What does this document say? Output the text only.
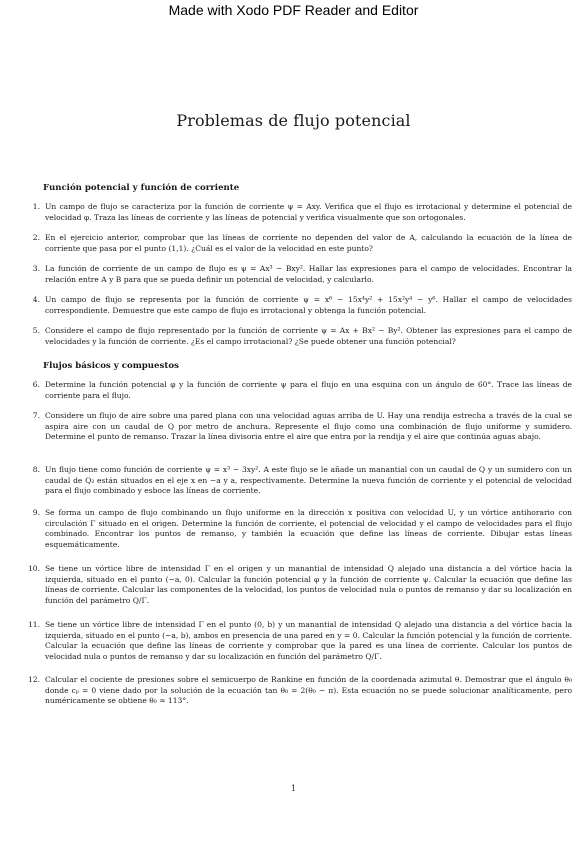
Made with Xodo PDF Reader and Editor
Problemas de flujo potencial
Función potencial y función de corriente
1. Un campo de flujo se caracteriza por la función de corriente ψ = Axy. Verifica que el flujo es irrotacional y determine el potencial de velocidad φ. Traza las líneas de corriente y las líneas de potencial y verifica visualmente que son ortogonales.
2. En el ejercicio anterior, comprobar que las líneas de corriente no dependen del valor de A, calculando la ecuación de la línea de corriente que pasa por el punto (1,1). ¿Cuál es el valor de la velocidad en este punto?
3. La función de corriente de un campo de flujo es ψ = Ax³ − Bxy². Hallar las expresiones para el campo de velocidades. Encontrar la relación entre A y B para que se pueda definir un potencial de velocidad, y calcularlo.
4. Un campo de flujo se representa por la función de corriente ψ = x⁶ − 15x⁴y² + 15x²y⁴ − y⁶. Hallar el campo de velocidades correspondiente. Demuestre que este campo de flujo es irrotacional y obtenga la función potencial.
5. Considere el campo de flujo representado por la función de corriente ψ = Ax + Bx² − By². Obtener las expresiones para el campo de velocidades y la función de corriente. ¿Es el campo irrotacional? ¿Se puede obtener una función potencial?
Flujos básicos y compuestos
6. Determine la función potencial φ y la función de corriente ψ para el flujo en una esquina con un ángulo de 60°. Trace las líneas de corriente para el flujo.
7. Considere un flujo de aire sobre una pared plana con una velocidad aguas arriba de U. Hay una rendija estrecha a través de la cual se aspira aire con un caudal de Q por metro de anchura. Represente el flujo como una combinación de flujo uniforme y sumidero. Determine el punto de remanso. Trazar la línea divisoria entre el aire que entra por la rendija y el aire que continúa aguas abajo.
8. Un flujo tiene como función de corriente ψ = x³ − 3xy². A este flujo se le añade un manantial con un caudal de Q y un sumidero con un caudal de Q₂ están situados en el eje x en −a y a, respectivamente. Determine la nueva función de corriente y el potencial de velocidad para el flujo combinado y esboce las líneas de corriente.
9. Se forma un campo de flujo combinando un flujo uniforme en la dirección x positiva con velocidad U, y un vórtice antihorario con circulación Γ situado en el origen. Determine la función de corriente, el potencial de velocidad y el campo de velocidades para el flujo combinado. Encontrar los puntos de remanso, y también la ecuación que define las líneas de corriente. Dibujar estas líneas esquemáticamente.
10. Se tiene un vórtice libre de intensidad Γ en el origen y un manantial de intensidad Q alejado una distancia a del vórtice hacia la izquierda, situado en el punto (−a, 0). Calcular la función potencial φ y la función de corriente ψ. Calcular la ecuación que define las líneas de corriente. Calcular las componentes de la velocidad, los puntos de velocidad nula o puntos de remanso y dar su localización en función del parámetro Q/Γ.
11. Se tiene un vórtice libre de intensidad Γ en el punto (0, b) y un manantial de intensidad Q alejado una distancia a del vórtice hacia la izquierda, situado en el punto (−a, b), ambos en presencia de una pared en y = 0. Calcular la función potencial y la función de corriente. Calcular la ecuación que define las líneas de corriente y comprobar que la pared es una línea de corriente. Calcular los puntos de velocidad nula o puntos de remanso y dar su localización en función del parámetro Q/Γ.
12. Calcular el cociente de presiones sobre el semicuerpo de Rankine en función de la coordenada azimutal θ. Demostrar que el ángulo θ₀ donde cₚ = 0 viene dado por la solución de la ecuación tan θ₀ = 2(θ₀ − π). Esta ecuación no se puede solucionar analíticamente, pero numéricamente se obtiene θ₀ ≈ 113°.
1
